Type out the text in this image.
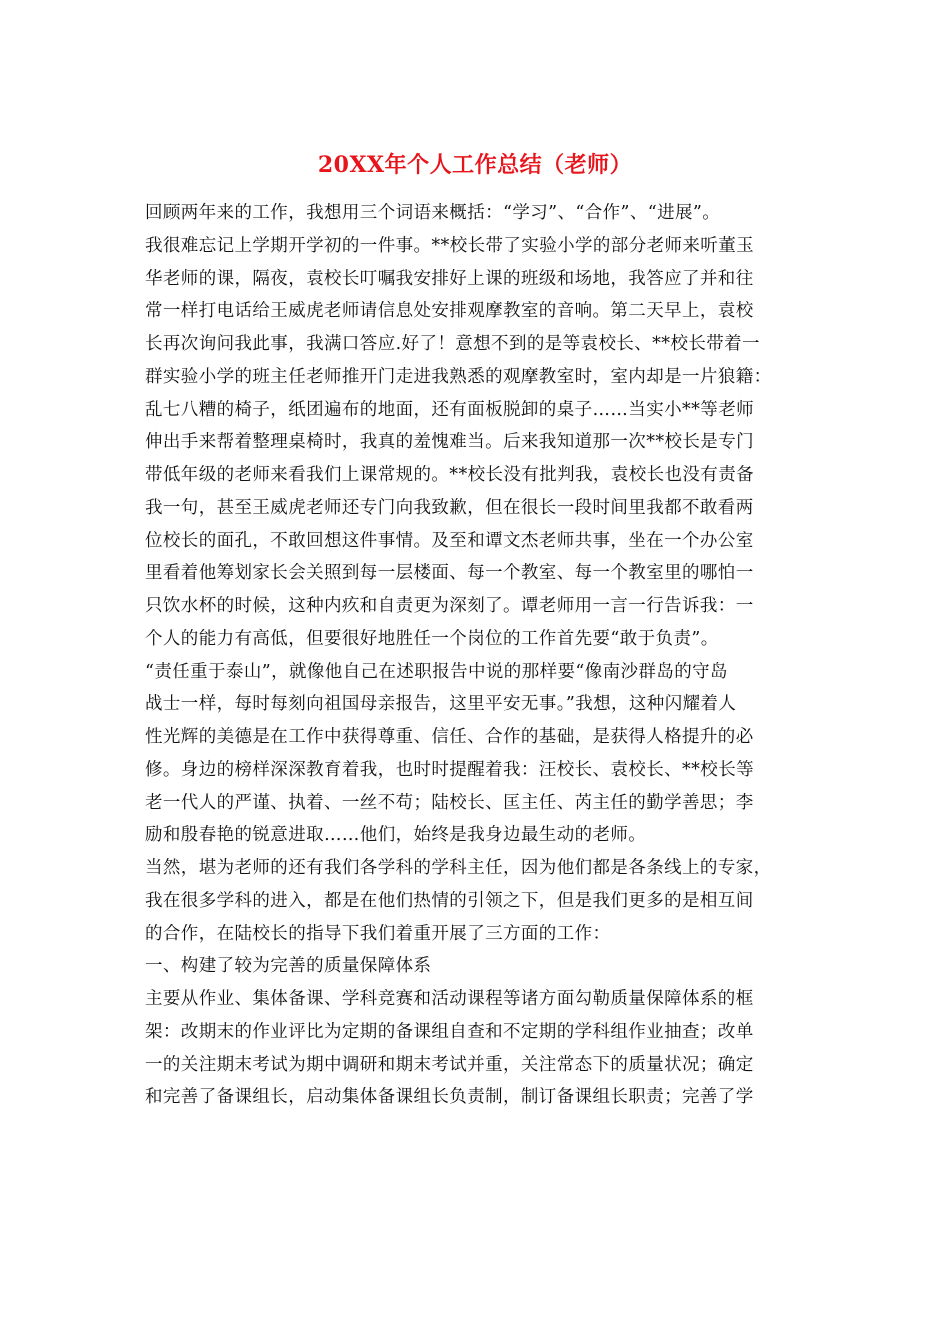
20XX年个人工作总结（老师）
回顾两年来的工作，我想用三个词语来概括：“学习”、“合作”、“进展”。
我很难忘记上学期开学初的一件事。**校长带了实验小学的部分老师来听董玉
华老师的课，隔夜，袁校长叮嘱我安排好上课的班级和场地，我答应了并和往
常一样打电话给王威虎老师请信息处安排观摩教室的音响。第二天早上，袁校
长再次询问我此事，我满口答应.好了！意想不到的是等袁校长、**校长带着一
群实验小学的班主任老师推开门走进我熟悉的观摩教室时，室内却是一片狼籍：
乱七八糟的椅子，纸团遍布的地面，还有面板脱卸的桌子……当实小**等老师
伸出手来帮着整理桌椅时，我真的羞愧难当。后来我知道那一次**校长是专门
带低年级的老师来看我们上课常规的。**校长没有批判我，袁校长也没有责备
我一句，甚至王威虎老师还专门向我致歉，但在很长一段时间里我都不敢看两
位校长的面孔，不敢回想这件事情。及至和谭文杰老师共事，坐在一个办公室
里看着他筹划家长会关照到每一层楼面、每一个教室、每一个教室里的哪怕一
只饮水杯的时候，这种内疚和自责更为深刻了。谭老师用一言一行告诉我：一
个人的能力有高低，但要很好地胜任一个岗位的工作首先要“敢于负责”。
“责任重于泰山”，就像他自己在述职报告中说的那样要“像南沙群岛的守岛
战士一样，每时每刻向祖国母亲报告，这里平安无事。”我想，这种闪耀着人
性光辉的美德是在工作中获得尊重、信任、合作的基础，是获得人格提升的必
修。身边的榜样深深教育着我，也时时提醒着我：汪校长、袁校长、**校长等
老一代人的严谨、执着、一丝不苟；陆校长、匡主任、芮主任的勤学善思；李
励和殷春艳的锐意进取……他们，始终是我身边最生动的老师。
当然，堪为老师的还有我们各学科的学科主任，因为他们都是各条线上的专家，
我在很多学科的进入，都是在他们热情的引领之下，但是我们更多的是相互间
的合作，在陆校长的指导下我们着重开展了三方面的工作：
一、构建了较为完善的质量保障体系
主要从作业、集体备课、学科竞赛和活动课程等诸方面勾勒质量保障体系的框
架：改期末的作业评比为定期的备课组自查和不定期的学科组作业抽查；改单
一的关注期末考试为期中调研和期末考试并重，关注常态下的质量状况；确定
和完善了备课组长，启动集体备课组长负责制，制订备课组长职责；完善了学
